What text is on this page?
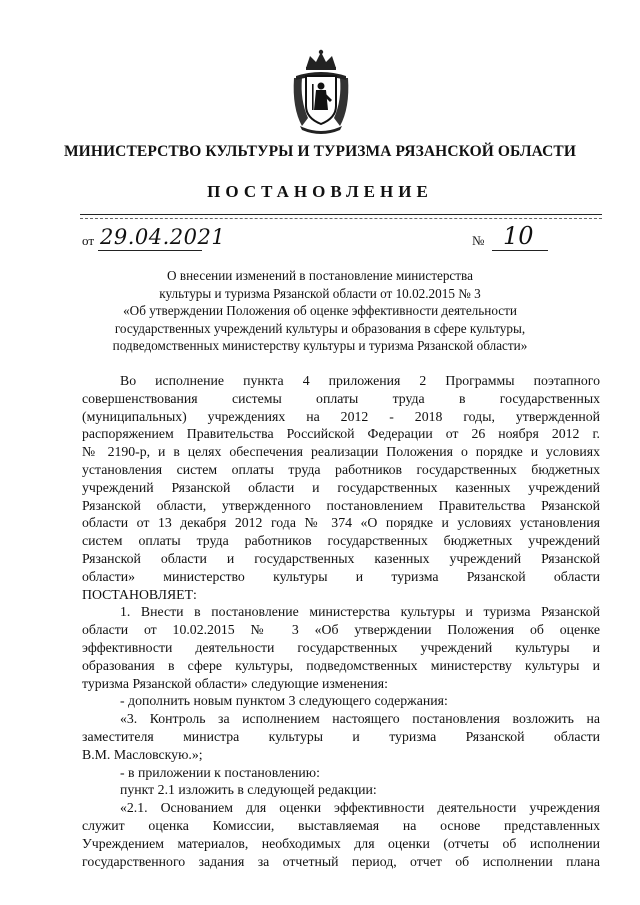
МИНИСТЕРСТВО КУЛЬТУРЫ И ТУРИЗМА РЯЗАНСКОЙ ОБЛАСТИ
ПОСТАНОВЛЕНИЕ
от 29.04.2021	№ 10
О внесении изменений в постановление министерства
культуры и туризма Рязанской области от 10.02.2015 № 3
«Об утверждении Положения об оценке эффективности деятельности
государственных учреждений культуры и образования в сфере культуры,
подведомственных министерству культуры и туризма Рязанской области»
Во исполнение пункта 4 приложения 2 Программы поэтапного
совершенствования системы оплаты труда в государственных
(муниципальных) учреждениях на 2012 - 2018 годы, утвержденной
распоряжением Правительства Российской Федерации от 26 ноября 2012 г.
№ 2190-р, и в целях обеспечения реализации Положения о порядке и условиях
установления систем оплаты труда работников государственных бюджетных
учреждений Рязанской области и государственных казенных учреждений
Рязанской области, утвержденного постановлением Правительства Рязанской
области от 13 декабря 2012 года № 374 «О порядке и условиях установления
систем оплаты труда работников государственных бюджетных учреждений
Рязанской области и государственных казенных учреждений Рязанской
области» министерство культуры и туризма Рязанской области
ПОСТАНОВЛЯЕТ:
1. Внести в постановление министерства культуры и туризма Рязанской
области от 10.02.2015 № 3 «Об утверждении Положения об оценке
эффективности деятельности государственных учреждений культуры и
образования в сфере культуры, подведомственных министерству культуры и
туризма Рязанской области» следующие изменения:
- дополнить новым пунктом 3 следующего содержания:
«3. Контроль за исполнением настоящего постановления возложить на
заместителя министра культуры и туризма Рязанской области
В.М. Масловскую.»;
- в приложении к постановлению:
пункт 2.1 изложить в следующей редакции:
«2.1. Основанием для оценки эффективности деятельности учреждения
служит оценка Комиссии, выставляемая на основе представленных
Учреждением материалов, необходимых для оценки (отчеты об исполнении
государственного задания за отчетный период, отчет об исполнении плана
